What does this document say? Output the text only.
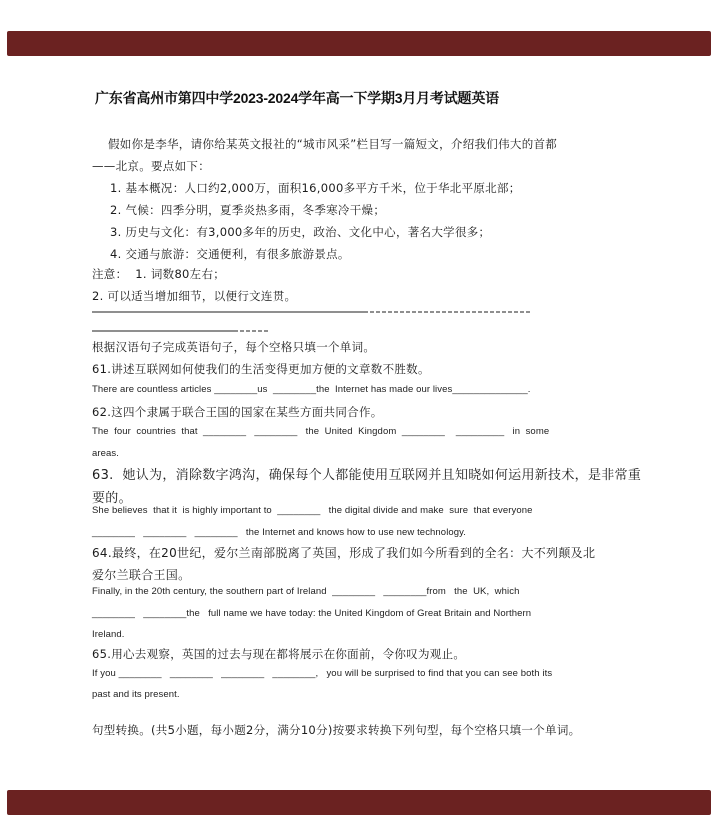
广东省高州市第四中学2023-2024学年高一下学期3月月考试题英语
假如你是李华，请你给某英文报社的“城市风采”栏目写一篇短文，介绍我们伟大的首都
——北京。要点如下：
1. 基本概况：人口约2,000万，面积16,000多平方千米，位于华北平原北部；
2. 气候：四季分明，夏季炎热多雨，冬季寒冷干燥；
3. 历史与文化：有3,000多年的历史，政治、文化中心，著名大学很多；
4. 交通与旅游：交通便利，有很多旅游景点。
注意：  1. 词数80左右；
2. 可以适当增加细节，以便行文连贯。
根据汉语句子完成英语句子，每个空格只填一个单词。
61.讲述互联网如何使我们的生活变得更加方便的文章数不胜数。
There are countless articles ________us  ________the  Internet has made our lives______________.
62.这四个隶属于联合王国的国家在某些方面共同合作。
The  four  countries  that  ________   ________   the  United  Kingdom  ________    _________   in  some
areas.
63.  她认为，消除数字鸿沟，确保每个人都能使用互联网并且知晓如何运用新技术，是非常重
要的。
She believes  that it  is highly important to  ________   the digital divide and make  sure  that everyone
________   ________   ________   the Internet and knows how to use new technology.
64.最终，在20世纪，爱尔兰南部脱离了英国，形成了我们如今所看到的全名：大不列颠及北
爱尔兰联合王国。
Finally, in the 20th century, the southern part of Ireland  ________   ________from   the  UK,  which
________   ________the   full name we have today: the United Kingdom of Great Britain and Northern
Ireland.
65.用心去观察，英国的过去与现在都将展示在你面前，令你叹为观止。
If you ________   ________   ________   ________,   you will be surprised to find that you can see both its
past and its present.
句型转换。(共5小题，每小题2分，满分10分)按要求转换下列句型，每个空格只填一个单词。
